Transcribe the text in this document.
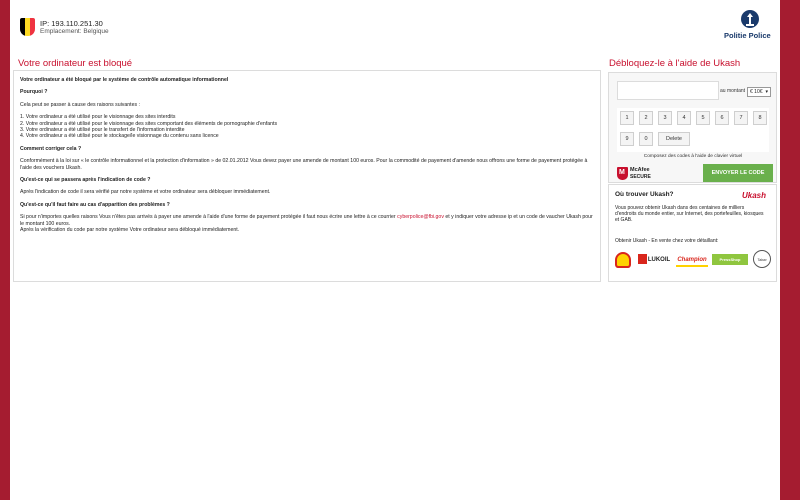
IP: 193.110.251.30
Emplacement: Belgique	Politie Police
Votre ordinateur est bloqué	Débloquez-le à l'aide de Ukash

Votre ordinateur a été bloqué par le système de contrôle automatique informationnel

Pourquoi ?

Cela peut se passer à cause des raisons suivantes :

1. Votre ordinateur a été utilisé pour le visionnage des sites interdits

2. Votre ordinateur a été utilisé pour le visionnage des sites comportant des éléments de pornographie d'enfants

3. Votre ordinateur a été utilisé pour le transfert de l'information interdite

4. Votre ordinateur a été utilisé pour le stockage/le visionnage du contenu sans licence

Comment corriger cela ?

Conformément à la loi sur « le contrôle informationnel et la protection d'information » de 02.01.2012 Vous devez payer une amende de montant 100 euros. Pour la commodité de payement d'amende nous offrons une forme de payement protégée à l'aide des vouchers Ukash.

Qu'est-ce qui se passera après l'indication de code ?

Après l'indication de code il sera vérifié par notre système et votre ordinateur sera débloquer immédiatement.

Qu'est-ce qu'il faut faire au cas d'apparition des problèmes ?

Si pour n'importes quelles raisons Vous n'êtes pas arrivés à payer une amende à l'aide d'une forme de payement protégée il faut nous écrire une lettre à ce courrier cyberpolice@fbi.gov et y indiquer votre adresse ip et un code de vaucher Ukash pour le montant 100 euros.

Après la vérification du code par notre système Votre ordinateur sera débloqué immédiatement.

au montant € 10€ ▾
1	2	3	4	5	6	7	8
9	0	Delete
Composez des codes à l'aide de clavier virtuel
M McAfee
SECURE
ENVOYER LE CODE
Où trouver Ukash?	Ukash
Vous pouvez obtenir Ukash dans des centaines de milliers d'endroits du monde entier, sur Internet, des portefeuilles, kiosques et GAB.
Obtenir Ukash - En vente chez votre détaillant:
LUKOIL	Champion	PressShop	Tabac
